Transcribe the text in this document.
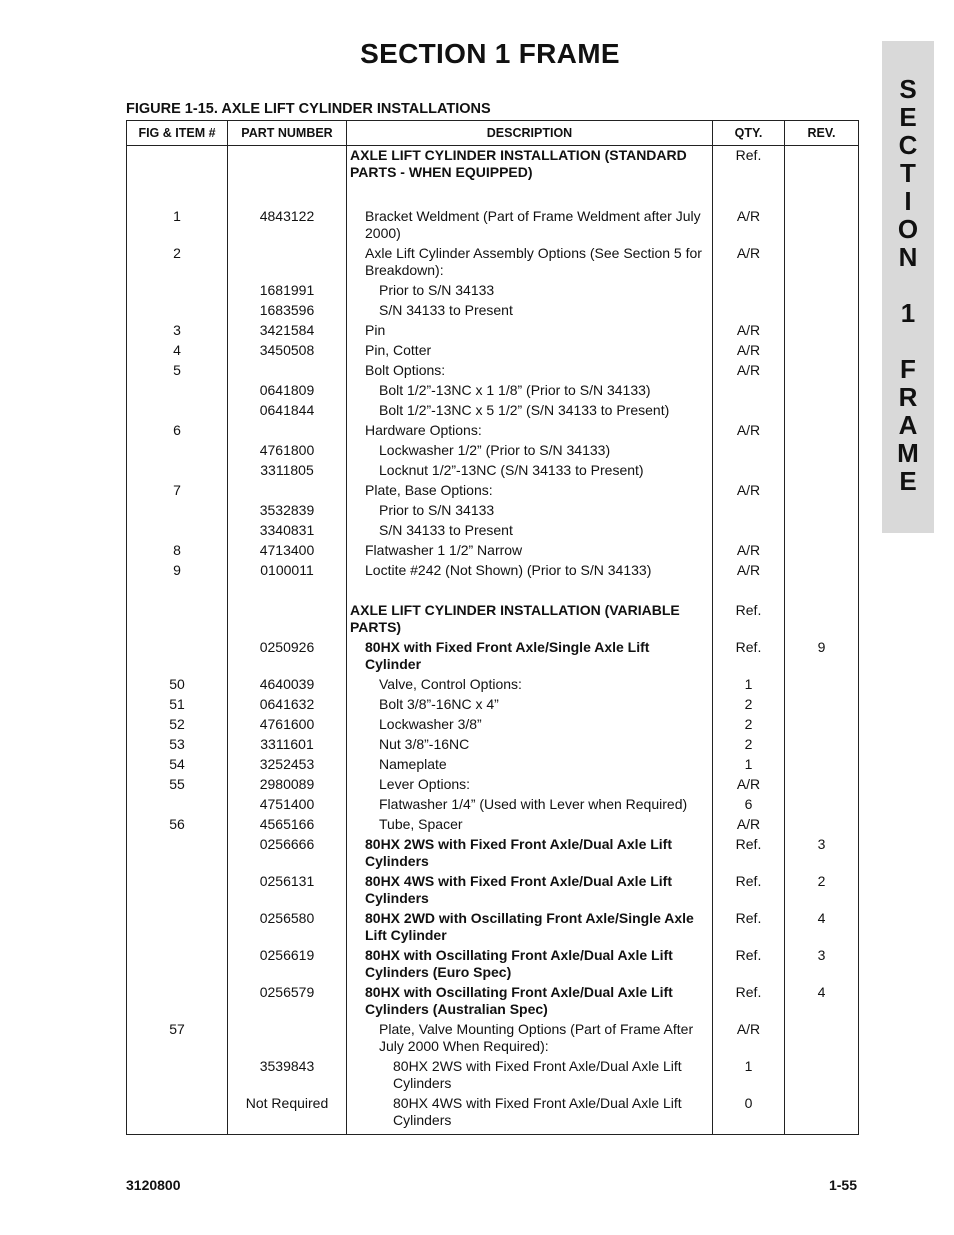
SECTION 1 FRAME
FIGURE 1-15. AXLE LIFT CYLINDER INSTALLATIONS
S
E
C
T
I
O
N
1
F
R
A
M
E
FIG & ITEM #	PART NUMBER	DESCRIPTION	QTY.	REV.
		AXLE LIFT CYLINDER INSTALLATION (STANDARD PARTS - WHEN EQUIPPED)	Ref.	

1	4843122	Bracket Weldment (Part of Frame Weldment after July 2000)	A/R	
2		Axle Lift Cylinder Assembly Options (See Section 5 for Breakdown):	A/R	
	1681991	Prior to S/N 34133		
	1683596	S/N 34133 to Present		
3	3421584	Pin	A/R	
4	3450508	Pin, Cotter	A/R	
5		Bolt Options:	A/R	
	0641809	Bolt 1/2”-13NC x 1 1/8” (Prior to S/N 34133)		
	0641844	Bolt 1/2”-13NC x 5 1/2” (S/N 34133 to Present)		
6		Hardware Options:	A/R	
	4761800	Lockwasher 1/2” (Prior to S/N 34133)		
	3311805	Locknut 1/2”-13NC (S/N 34133 to Present)		
7		Plate, Base Options:	A/R	
	3532839	Prior to S/N 34133		
	3340831	S/N 34133 to Present		
8	4713400	Flatwasher 1 1/2” Narrow	A/R	
9	0100011	Loctite #242 (Not Shown) (Prior to S/N 34133)	A/R	

		AXLE LIFT CYLINDER INSTALLATION (VARIABLE PARTS)	Ref.	
	0250926	80HX with Fixed Front Axle/Single Axle Lift Cylinder	Ref.	9
50	4640039	Valve, Control Options:	1	
51	0641632	Bolt 3/8”-16NC x 4”	2	
52	4761600	Lockwasher 3/8”	2	
53	3311601	Nut 3/8”-16NC	2	
54	3252453	Nameplate	1	
55	2980089	Lever Options:	A/R	
	4751400	Flatwasher 1/4” (Used with Lever when Required)	6	
56	4565166	Tube, Spacer	A/R	
	0256666	80HX 2WS with Fixed Front Axle/Dual Axle Lift Cylinders	Ref.	3
	0256131	80HX 4WS with Fixed Front Axle/Dual Axle Lift Cylinders	Ref.	2
	0256580	80HX 2WD with Oscillating Front Axle/Single Axle Lift Cylinder	Ref.	4
	0256619	80HX with Oscillating Front Axle/Dual Axle Lift Cylinders (Euro Spec)	Ref.	3
	0256579	80HX with Oscillating Front Axle/Dual Axle Lift Cylinders (Australian Spec)	Ref.	4
57		Plate, Valve Mounting Options (Part of Frame After July 2000 When Required):	A/R	
	3539843	80HX 2WS with Fixed Front Axle/Dual Axle Lift Cylinders	1	
	Not Required	80HX 4WS with Fixed Front Axle/Dual Axle Lift Cylinders	0	
3120800	1-55
